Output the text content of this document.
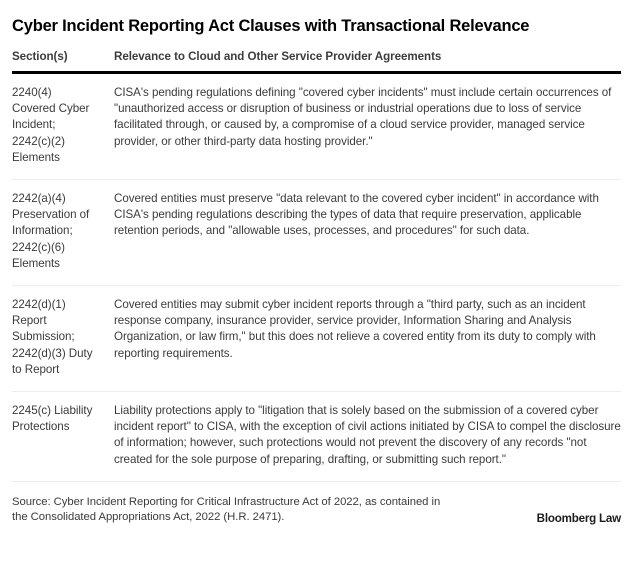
Cyber Incident Reporting Act Clauses with Transactional Relevance
Section(s)	Relevance to Cloud and Other Service Provider Agreements

2240(4) Covered Cyber Incident; 2242(c)(2) Elements	CISA's pending regulations defining "covered cyber incidents" must include certain occurrences of "unauthorized access or disruption of business or industrial operations due to loss of service facilitated through, or caused by, a compromise of a cloud service provider, managed service provider, or other third-party data hosting provider."
2242(a)(4) Preservation of Information; 2242(c)(6) Elements	Covered entities must preserve "data relevant to the covered cyber incident" in accordance with CISA's pending regulations describing the types of data that require preservation, applicable retention periods, and "allowable uses, processes, and procedures" for such data.
2242(d)(1) Report Submission; 2242(d)(3) Duty to Report	Covered entities may submit cyber incident reports through a "third party, such as an incident response company, insurance provider, service provider, Information Sharing and Analysis Organization, or law firm," but this does not relieve a covered entity from its duty to comply with reporting requirements.
2245(c) Liability Protections	Liability protections apply to "litigation that is solely based on the submission of a covered cyber incident report" to CISA, with the exception of civil actions initiated by CISA to compel the disclosure of information; however, such protections would not prevent the discovery of any records "not created for the sole purpose of preparing, drafting, or submitting such report."
Source: Cyber Incident Reporting for Critical Infrastructure Act of 2022, as contained in the Consolidated Appropriations Act, 2022 (H.R. 2471).	Bloomberg Law
